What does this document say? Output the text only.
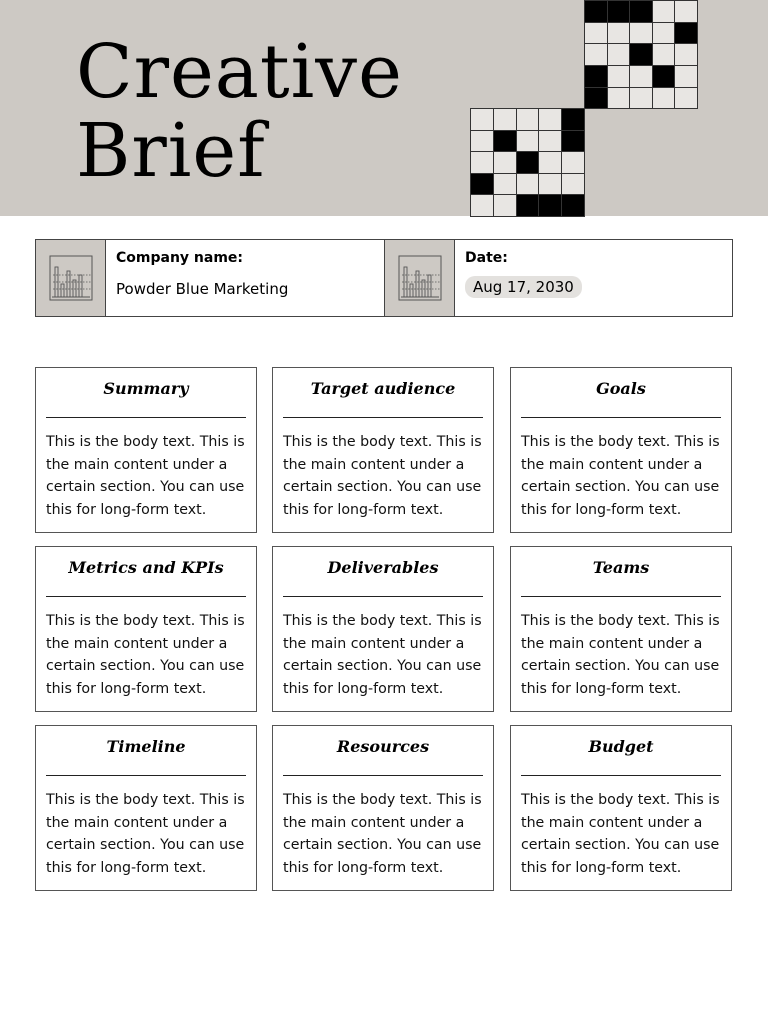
Creative
Brief
Company name:
Powder Blue Marketing
Date:
Aug 17, 2030
Summary
This is the body text. This is the main content under a certain section. You can use this for long-form text.
Target audience
This is the body text. This is the main content under a certain section. You can use this for long-form text.
Goals
This is the body text. This is the main content under a certain section. You can use this for long-form text.
Metrics and KPIs
This is the body text. This is the main content under a certain section. You can use this for long-form text.
Deliverables
This is the body text. This is the main content under a certain section. You can use this for long-form text.
Teams
This is the body text. This is the main content under a certain section. You can use this for long-form text.
Timeline
This is the body text. This is the main content under a certain section. You can use this for long-form text.
Resources
This is the body text. This is the main content under a certain section. You can use this for long-form text.
Budget
This is the body text. This is the main content under a certain section. You can use this for long-form text.
